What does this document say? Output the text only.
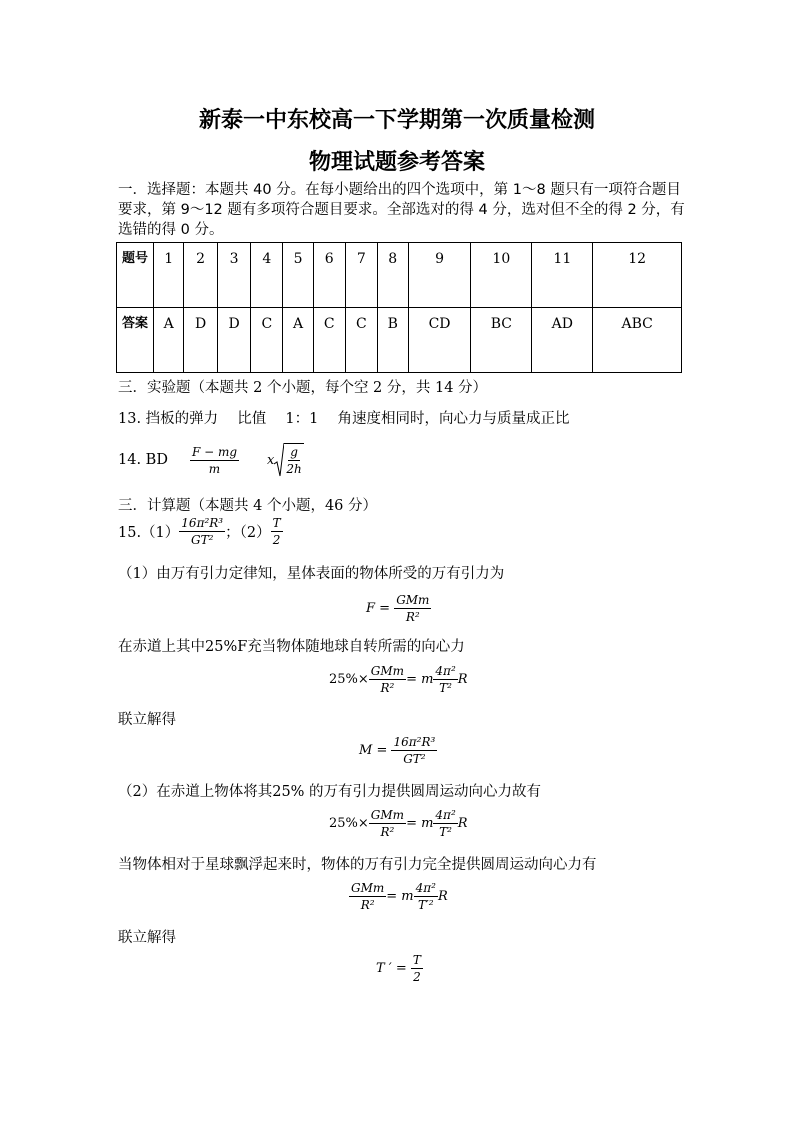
新泰一中东校高一下学期第一次质量检测
物理试题参考答案
一．选择题：本题共 40 分。在每小题给出的四个选项中，第 1～8 题只有一项符合题目要求，第 9～12 题有多项符合题目要求。全部选对的得 4 分，选对但不全的得 2 分，有选错的得 0 分。
题号	1	2	3	4	5	6	7	8	9	10	11	12
答案	A	D	D	C	A	C	C	B	CD	BC	AD	ABC
三．实验题（本题共 2 个小题，每个空 2 分，共 14 分）
13. 挡板的弹力　 比值　 1：1　 角速度相同时，向心力与质量成正比
14. BD $\frac{F - mg}{m}$ x $\frac{g}{2h}$
三．计算题（本题共 4 个小题，46 分）
$15.(1) \frac{\text{16π²R³}}{\text{GT²}}$ ；$(2) \frac{T}{2}$
（1）由万有引力定律知，星体表面的物体所受的万有引力为
F =
$\frac{\text{GMm}}{\text{R²}}$
在赤道上其中25%F充当物体随地球自转所需的向心力
$25\%\times \frac{\text{GMm}}{\text{R²}} = m \frac{\text{4π²}}{\text{T²}}$ R
联立解得
M =
$\frac{\text{16π²R³}}{\text{GT²}}$
（2）在赤道上物体将其25% 的万有引力提供圆周运动向心力故有
$25\%\times \frac{\text{GMm}}{\text{R²}} = m \frac{\text{4π²}}{\text{T²}}$ R
当物体相对于星球飘浮起来时，物体的万有引力完全提供圆周运动向心力有
$\frac{\text{GMm}}{\text{R²}} = m \frac{\text{4π²}}{\text{T′²}}$ R
联立解得
T ′ =
$\frac{T}{2}$
